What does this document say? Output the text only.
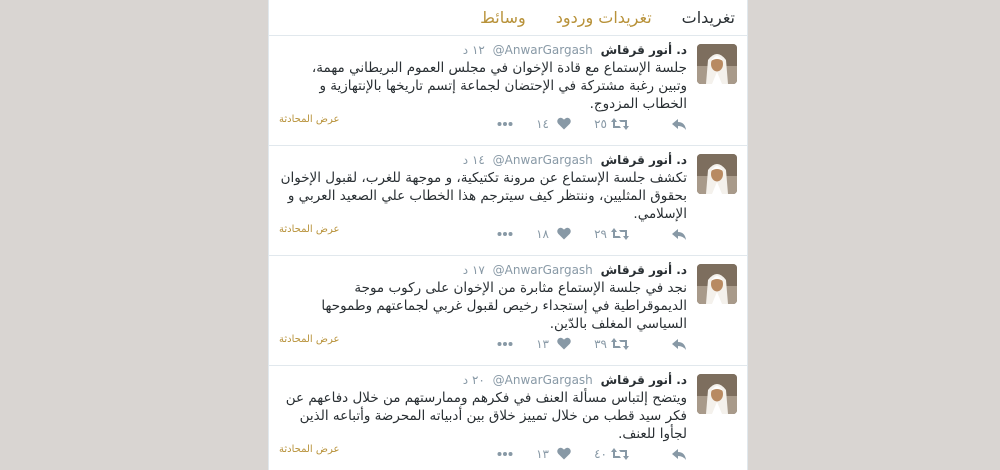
تغريدات
تغريدات وردود
وسائط
د. أنور قرقاش @AnwarGargash ١٢ د
جلسة الإستماع مع قادة الإخوان في مجلس العموم البريطاني مهمة، وتبين رغبة مشتركة في الإحتضان لجماعة إتسم تاريخها بالإنتهازية و الخطاب المزدوج.
عرض المحادثة	٢٥
١٤
د. أنور قرقاش @AnwarGargash ١٤ د
تكشف جلسة الإستماع عن مرونة تكتيكية، و موجهة للغرب، لقبول الإخوان بحقوق المثليين، وننتظر كيف سيترجم هذا الخطاب علي الصعيد العربي و الإسلامي.
عرض المحادثة	٢٩
١٨
د. أنور قرقاش @AnwarGargash ١٧ د
نجد في جلسة الإستماع مثابرة من الإخوان على ركوب موجة الديموقراطية في إستجداء رخيص لقبول غربي لجماعتهم وطموحها السياسي المغلف بالدّين.
عرض المحادثة	٣٩
١٣
د. أنور قرقاش @AnwarGargash ٢٠ د
ويتضح إلتباس مسألة العنف في فكرهم وممارستهم من خلال دفاعهم عن فكر سيد قطب من خلال تمييز خلاق بين أدبياته المحرضة وأتباعه الذين لجأوا للعنف.
عرض المحادثة	٤٠
١٣
